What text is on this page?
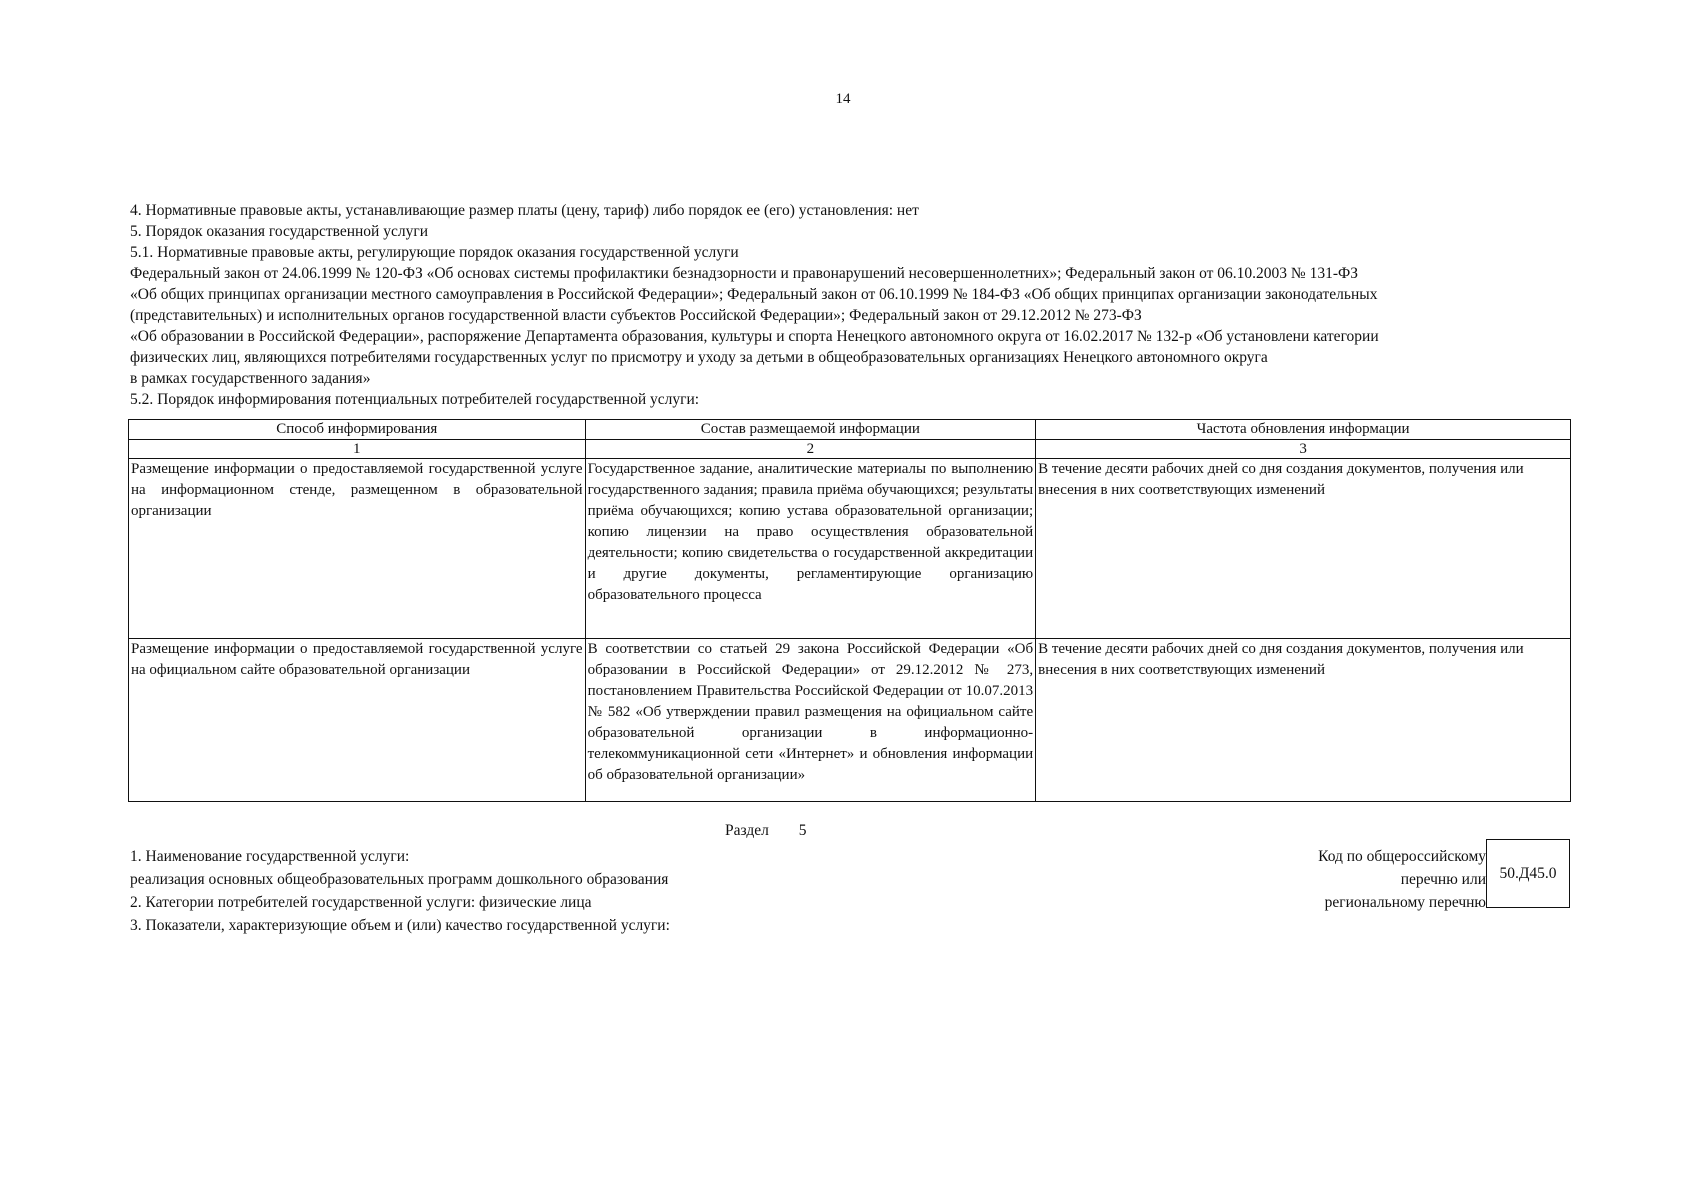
14

4. Нормативные правовые акты, устанавливающие размер платы (цену, тариф) либо порядок ее (его) установления: нет

5. Порядок оказания государственной услуги

5.1. Нормативные правовые акты, регулирующие порядок оказания государственной услуги

Федеральный закон от 24.06.1999 № 120-ФЗ «Об основах системы профилактики безнадзорности и правонарушений несовершеннолетних»; Федеральный закон от 06.10.2003 № 131-ФЗ

«Об общих принципах организации местного самоуправления в Российской Федерации»; Федеральный закон от 06.10.1999 № 184-ФЗ «Об общих принципах организации законодательных

(представительных) и исполнительных органов государственной власти субъектов Российской Федерации»; Федеральный закон от 29.12.2012 № 273-ФЗ

«Об образовании в Российской Федерации», распоряжение Департамента образования, культуры и спорта Ненецкого автономного округа от 16.02.2017 № 132-р «Об установлени категории

физических лиц, являющихся потребителями государственных услуг по присмотру и уходу за детьми в общеобразовательных организациях Ненецкого автономного округа

в рамках государственного задания»

5.2. Порядок информирования потенциальных потребителей государственной услуги:

Способ информирования	Состав размещаемой информации	Частота обновления информации
1	2	3
Размещение информации о предоставляемой государственной услуге на информационном стенде, размещенном в образовательной организации	Государственное задание, аналитические материалы по выполнению государственного задания; правила приёма обучающихся; результаты приёма обучающихся; копию устава образовательной организации; копию лицензии на право осуществления образовательной деятельности; копию свидетельства о государственной аккредитации и другие документы, регламентирующие организацию образовательного процесса	В течение десяти рабочих дней со дня создания документов, получения или внесения в них соответствующих изменений
Размещение информации о предоставляемой государственной услуге на официальном сайте образовательной организации	В соответствии со статьей 29 закона Российской Федерации «Об образовании в Российской Федерации» от 29.12.2012 № 273, постановлением Правительства Российской Федерации от 10.07.2013 № 582 «Об утверждении правил размещения на официальном сайте образовательной организации в информационно-телекоммуникационной сети «Интернет» и обновления информации об образовательной организации»	В течение десяти рабочих дней со дня создания документов, получения или внесения в них соответствующих изменений
Раздел 5

1. Наименование государственной услуги:

реализация основных общеобразовательных программ дошкольного образования

2. Категории потребителей государственной услуги: физические лица

3. Показатели, характеризующие объем и (или) качество государственной услуги:

Код по общероссийскому

перечню или

региональному перечню

50.Д45.0
